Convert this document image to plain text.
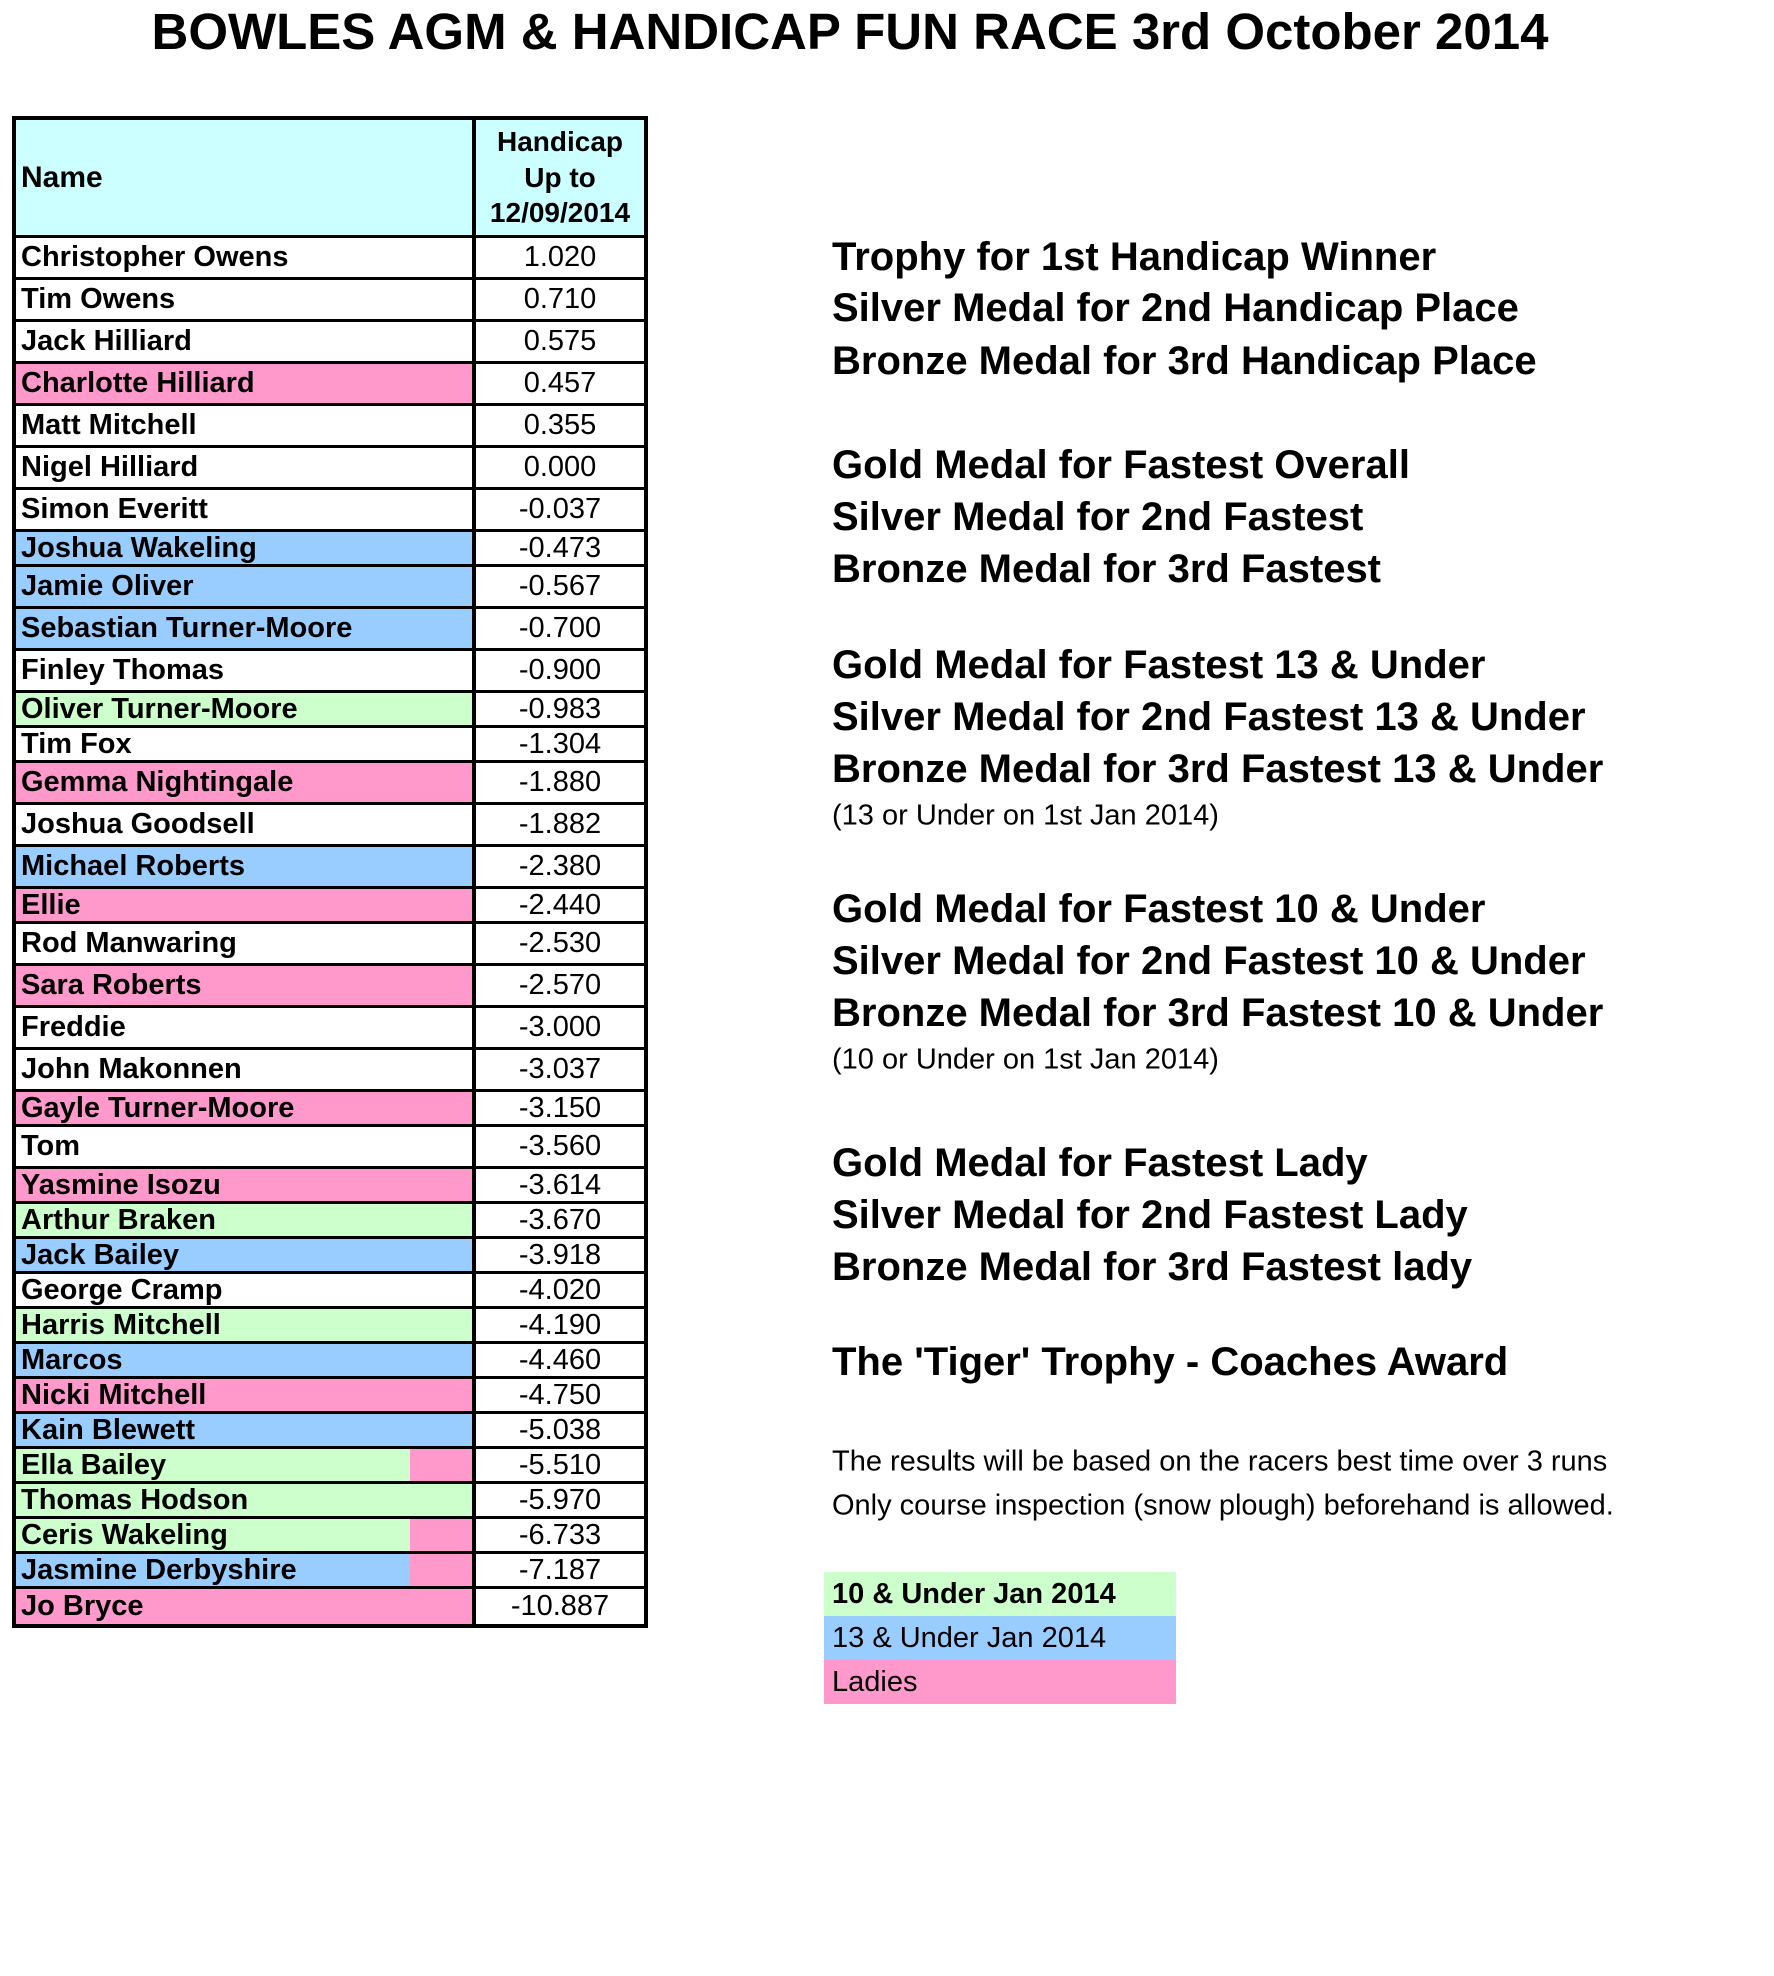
BOWLES AGM & HANDICAP FUN RACE 3rd October 2014
Name
Handicap
Up to
12/09/2014
Christopher Owens	1.020
Tim Owens	0.710
Jack Hilliard	0.575
Charlotte Hilliard	0.457
Matt Mitchell	0.355
Nigel Hilliard	0.000
Simon Everitt	-0.037
Joshua Wakeling	-0.473
Jamie Oliver	-0.567
Sebastian Turner-Moore	-0.700
Finley Thomas	-0.900
Oliver Turner-Moore	-0.983
Tim Fox	-1.304
Gemma Nightingale	-1.880
Joshua Goodsell	-1.882
Michael Roberts	-2.380
Ellie	-2.440
Rod Manwaring	-2.530
Sara Roberts	-2.570
Freddie	-3.000
John Makonnen	-3.037
Gayle Turner-Moore	-3.150
Tom	-3.560
Yasmine Isozu	-3.614
Arthur Braken	-3.670
Jack Bailey	-3.918
George Cramp	-4.020
Harris Mitchell	-4.190
Marcos	-4.460
Nicki Mitchell	-4.750
Kain Blewett	-5.038
Ella Bailey	-5.510
Thomas Hodson	-5.970
Ceris Wakeling	-6.733
Jasmine Derbyshire	-7.187
Jo Bryce	-10.887
Trophy for 1st Handicap Winner
Silver Medal for 2nd Handicap Place
Bronze Medal for 3rd Handicap Place
Gold Medal for Fastest Overall
Silver Medal for 2nd Fastest
Bronze Medal for 3rd Fastest
Gold Medal for Fastest 13 & Under
Silver Medal for 2nd Fastest 13 & Under
Bronze Medal for 3rd Fastest 13 & Under
(13 or Under on 1st Jan 2014)
Gold Medal for Fastest 10 & Under
Silver Medal for 2nd Fastest 10 & Under
Bronze Medal for 3rd Fastest 10 & Under
(10 or Under on 1st Jan 2014)
Gold Medal for Fastest Lady
Silver Medal for 2nd Fastest Lady
Bronze Medal for 3rd Fastest lady
The 'Tiger' Trophy - Coaches Award
The results will be based on the racers best time over 3 runs
Only course inspection (snow plough) beforehand is allowed.
10 & Under Jan 2014
13 & Under Jan 2014
Ladies
